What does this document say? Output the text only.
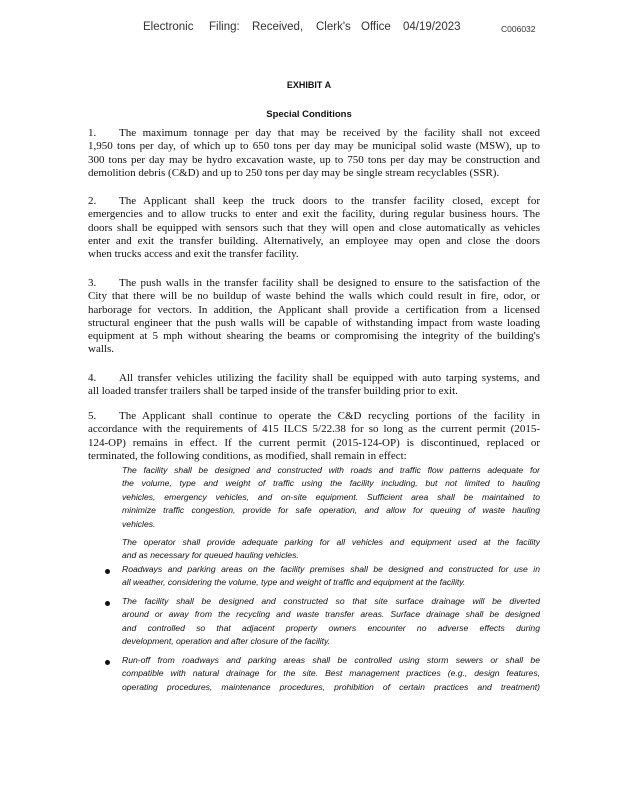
Electronic Filing: Received, Clerk's Office 04/19/2023	C006032
EXHIBIT A
Special Conditions
1. The maximum tonnage per day that may be received by the facility shall not exceed
1,950 tons per day, of which up to 650 tons per day may be municipal solid waste (MSW), up to
300 tons per day may be hydro excavation waste, up to 750 tons per day may be construction and
demolition debris (C&D) and up to 250 tons per day may be single stream recyclables (SSR).
2. The Applicant shall keep the truck doors to the transfer facility closed, except for
emergencies and to allow trucks to enter and exit the facility, during regular business hours. The
doors shall be equipped with sensors such that they will open and close automatically as vehicles
enter and exit the transfer building. Alternatively, an employee may open and close the doors
when trucks access and exit the transfer facility.
3. The push walls in the transfer facility shall be designed to ensure to the satisfaction of the
City that there will be no buildup of waste behind the walls which could result in fire, odor, or
harborage for vectors. In addition, the Applicant shall provide a certification from a licensed
structural engineer that the push walls will be capable of withstanding impact from waste loading
equipment at 5 mph without shearing the beams or compromising the integrity of the building's
walls.
4. All transfer vehicles utilizing the facility shall be equipped with auto tarping systems, and
all loaded transfer trailers shall be tarped inside of the transfer building prior to exit.
5. The Applicant shall continue to operate the C&D recycling portions of the facility in
accordance with the requirements of 415 ILCS 5/22.38 for so long as the current permit (2015-
124-OP) remains in effect. If the current permit (2015-124-OP) is discontinued, replaced or
terminated, the following conditions, as modified, shall remain in effect:
The facility shall be designed and constructed with roads and traffic flow patterns adequate for
the volume, type and weight of traffic using the facility including, but not limited to hauling
vehicles, emergency vehicles, and on-site equipment. Sufficient area shall be maintained to
minimize traffic congestion, provide for safe operation, and allow for queuing of waste hauling
vehicles.
The operator shall provide adequate parking for all vehicles and equipment used at the facility
and as necessary for queued hauling vehicles.
Roadways and parking areas on the facility premises shall be designed and constructed for use in
all weather, considering the volume, type and weight of traffic and equipment at the facility.
The facility shall be designed and constructed so that site surface drainage will be diverted
around or away from the recycling and waste transfer areas. Surface drainage shall be designed
and controlled so that adjacent property owners encounter no adverse effects during
development, operation and after closure of the facility.
Run-off from roadways and parking areas shall be controlled using storm sewers or shall be
compatible with natural drainage for the site. Best management practices (e.g., design features,
operating procedures, maintenance procedures, prohibition of certain practices and treatment)
